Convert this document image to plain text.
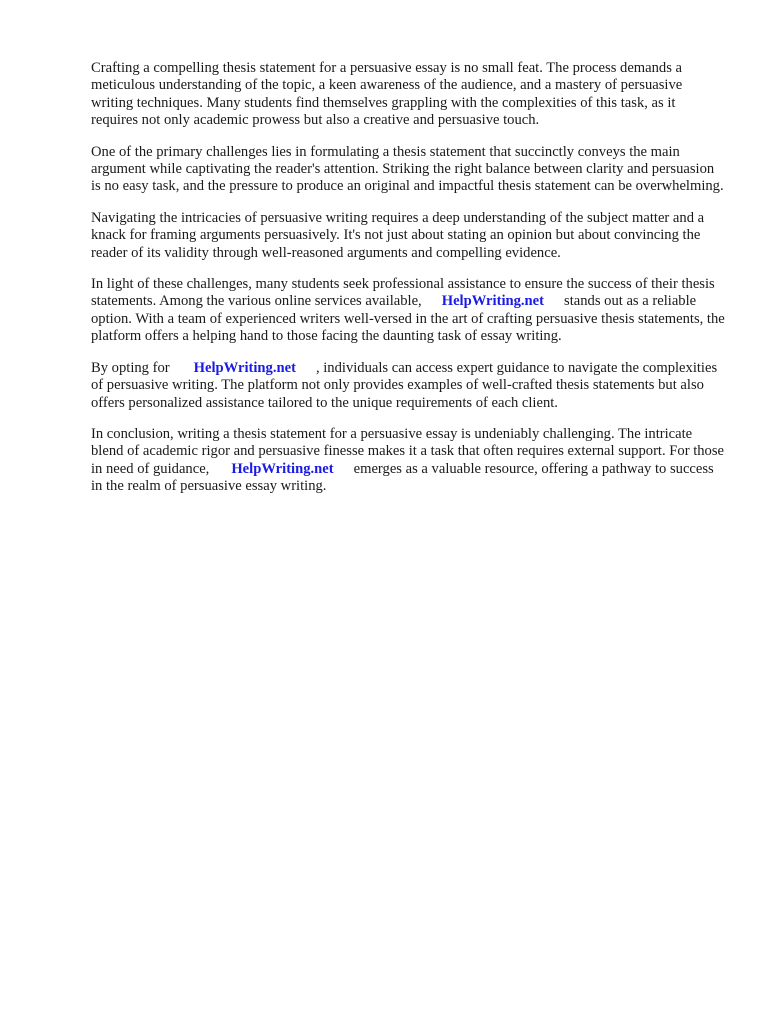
Crafting a compelling thesis statement for a persuasive essay is no small feat. The process demands a meticulous understanding of the topic, a keen awareness of the audience, and a mastery of persuasive writing techniques. Many students find themselves grappling with the complexities of this task, as it requires not only academic prowess but also a creative and persuasive touch.

One of the primary challenges lies in formulating a thesis statement that succinctly conveys the main argument while captivating the reader's attention. Striking the right balance between clarity and persuasion is no easy task, and the pressure to produce an original and impactful thesis statement can be overwhelming.

Navigating the intricacies of persuasive writing requires a deep understanding of the subject matter and a knack for framing arguments persuasively. It's not just about stating an opinion but about convincing the reader of its validity through well-reasoned arguments and compelling evidence.

In light of these challenges, many students seek professional assistance to ensure the success of their thesis statements. Among the various online services available, HelpWriting.net stands out as a reliable option. With a team of experienced writers well-versed in the art of crafting persuasive thesis statements, the platform offers a helping hand to those facing the daunting task of essay writing.

By opting for HelpWriting.net , individuals can access expert guidance to navigate the complexities of persuasive writing. The platform not only provides examples of well-crafted thesis statements but also offers personalized assistance tailored to the unique requirements of each client.

In conclusion, writing a thesis statement for a persuasive essay is undeniably challenging. The intricate blend of academic rigor and persuasive finesse makes it a task that often requires external support. For those in need of guidance, HelpWriting.net emerges as a valuable resource, offering a pathway to success in the realm of persuasive essay writing.
